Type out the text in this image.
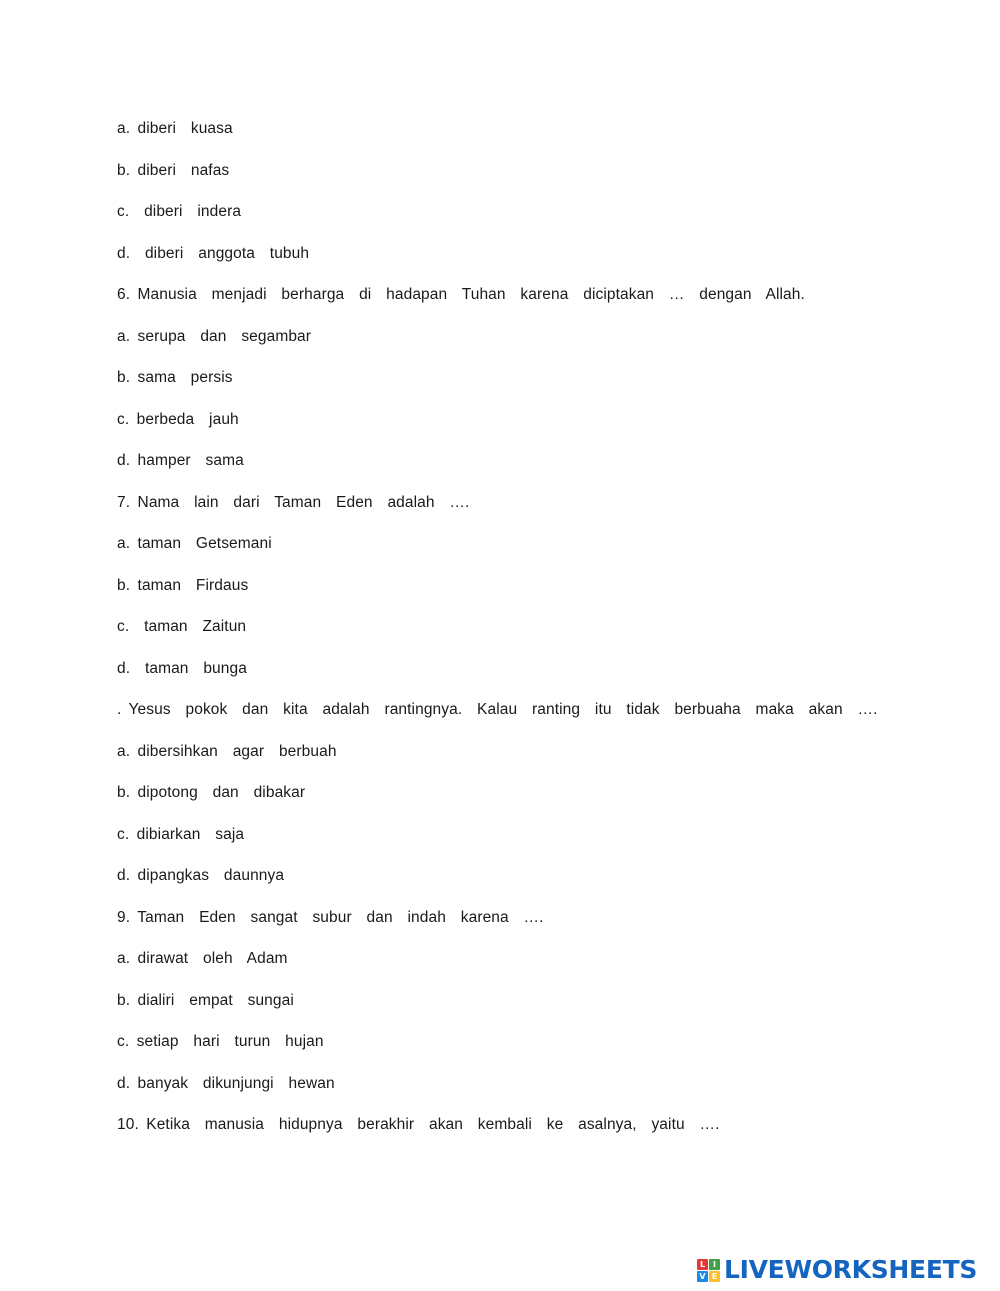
a. diberi  kuasa
b. diberi  nafas
c.  diberi  indera
d.  diberi  anggota  tubuh
6. Manusia  menjadi  berharga  di  hadapan  Tuhan  karena  diciptakan  …  dengan  Allah.
a. serupa  dan  segambar
b. sama  persis
c. berbeda  jauh
d. hamper  sama
7. Nama  lain  dari  Taman  Eden  adalah  ….
a. taman  Getsemani
b. taman  Firdaus
c.  taman  Zaitun
d.  taman  bunga
. Yesus  pokok  dan  kita  adalah  rantingnya.  Kalau  ranting  itu  tidak  berbuaha  maka  akan  ….
a. dibersihkan  agar  berbuah
b. dipotong  dan  dibakar
c. dibiarkan  saja
d. dipangkas  daunnya
9. Taman  Eden  sangat  subur  dan  indah  karena  ….
a. dirawat  oleh  Adam
b. dialiri  empat  sungai
c. setiap  hari  turun  hujan
d. banyak  dikunjungi  hewan
10. Ketika  manusia  hidupnya  berakhir  akan  kembali  ke  asalnya,  yaitu  ….
L I
V E LIVEWORKSHEETS
